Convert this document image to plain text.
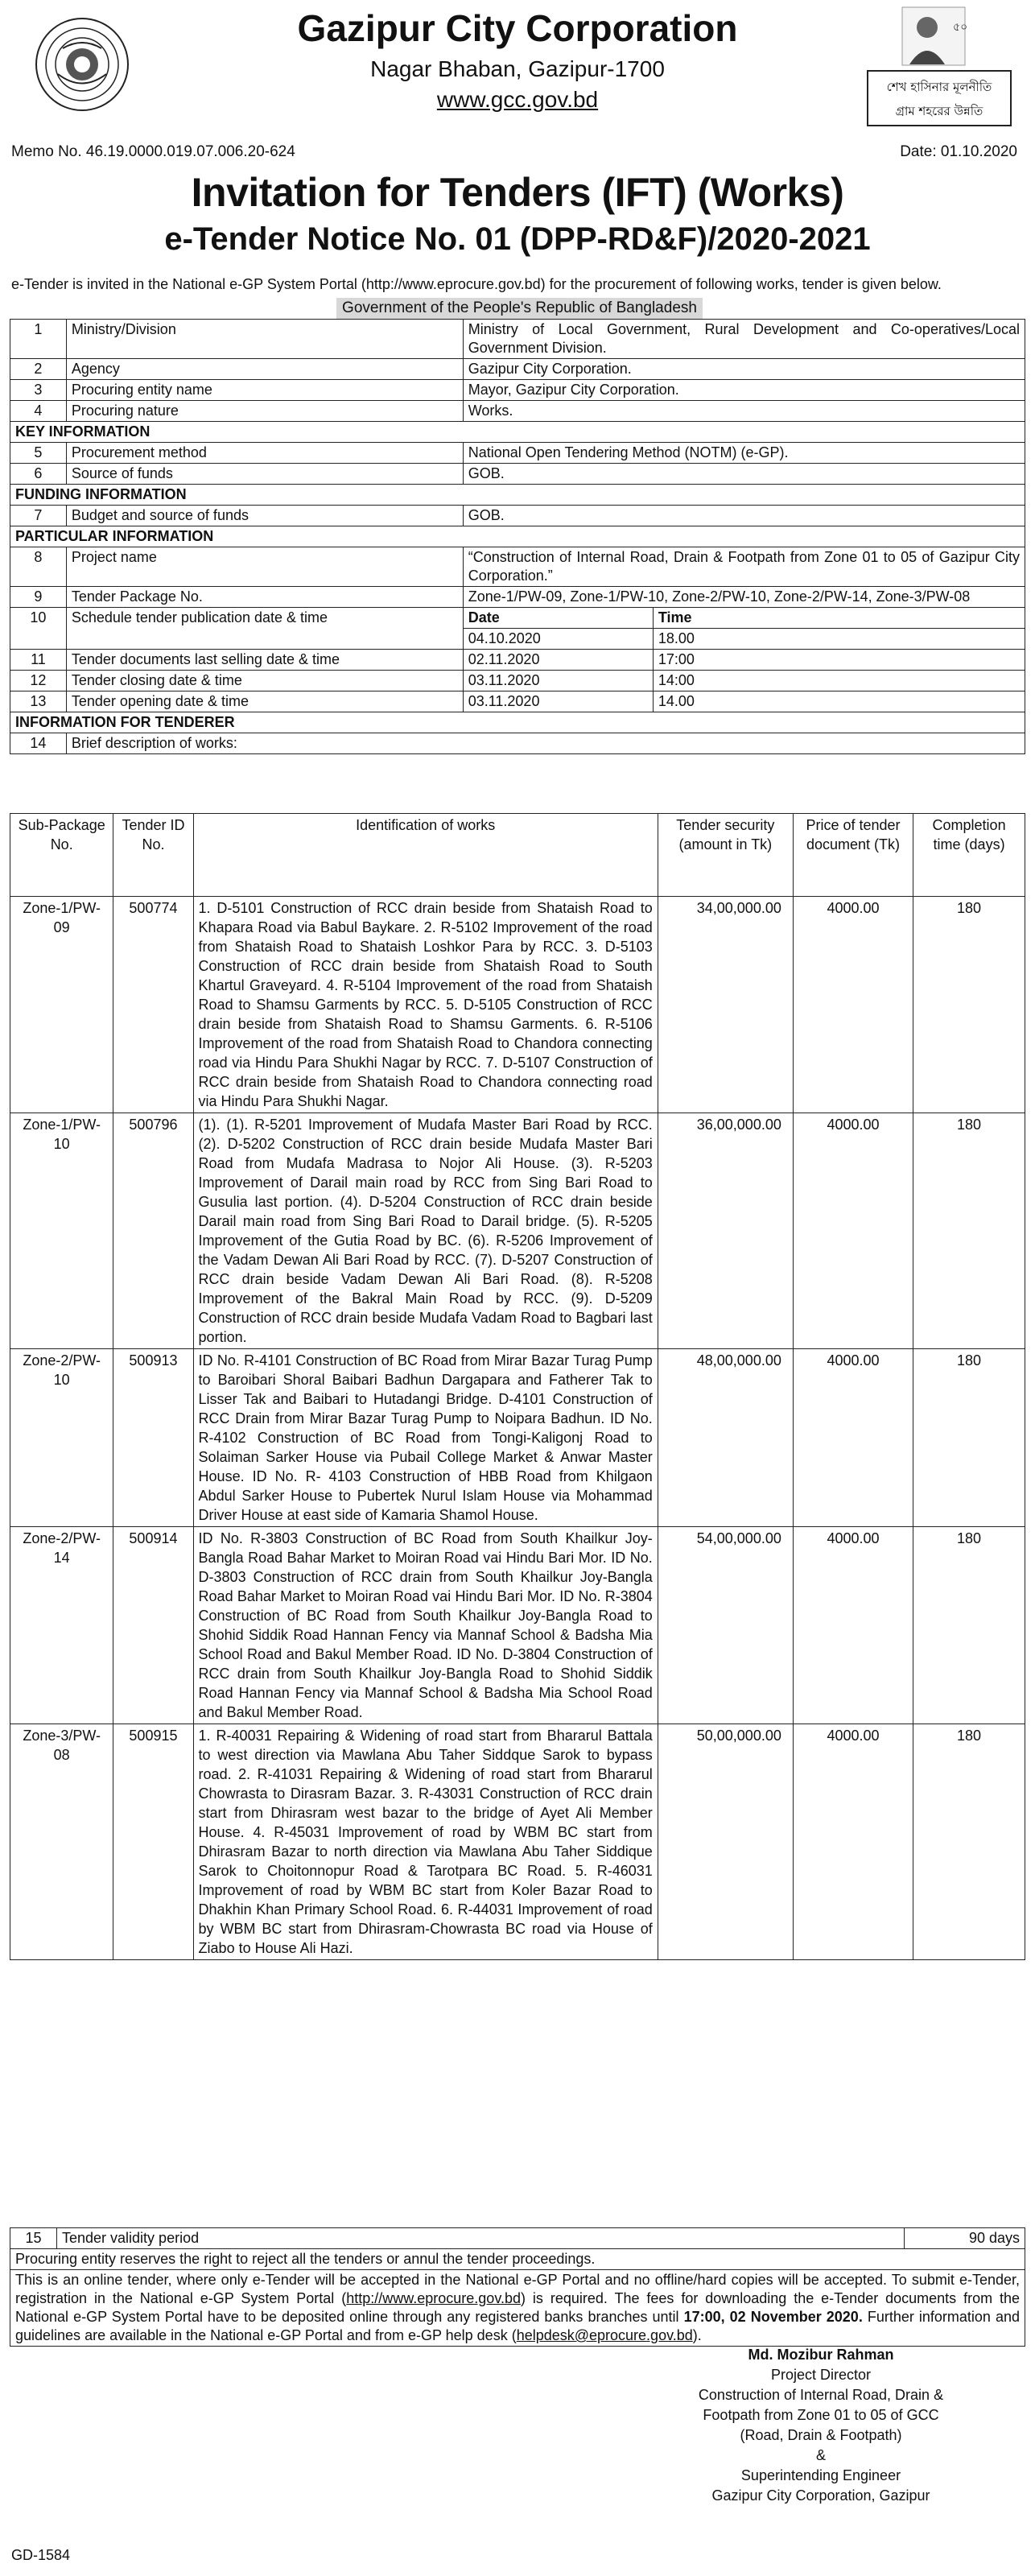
Gazipur City Corporation
Nagar Bhaban, Gazipur-1700
www.gcc.gov.bd
৫০
শেখ হাসিনার মূলনীতি
গ্রাম শহরের উন্নতি
Memo No. 46.19.0000.019.07.006.20-624	Date: 01.10.2020
Invitation for Tenders (IFT) (Works)
e-Tender Notice No. 01 (DPP-RD&F)/2020-2021
e-Tender is invited in the National e-GP System Portal (http://www.eprocure.gov.bd) for the procurement of following works, tender is given below.
Government of the People's Republic of Bangladesh
1	Ministry/Division	Ministry of Local Government, Rural Development and Co-operatives/Local Government Division.	
2	Agency	Gazipur City Corporation.	
3	Procuring entity name	Mayor, Gazipur City Corporation.	
4	Procuring nature	Works.	
KEY INFORMATION			
5	Procurement method	National Open Tendering Method (NOTM) (e-GP).	
6	Source of funds	GOB.	
FUNDING INFORMATION			
7	Budget and source of funds	GOB.	
PARTICULAR INFORMATION			
8	Project name	“Construction of Internal Road, Drain & Footpath from Zone 01 to 05 of Gazipur City Corporation.”	
9	Tender Package No.	Zone-1/PW-09, Zone-1/PW-10, Zone-2/PW-10, Zone-2/PW-14, Zone-3/PW-08	
10	Schedule tender publication date & time	Date	Time
		04.10.2020	18.00
11	Tender documents last selling date & time	02.11.2020	17:00
12	Tender closing date & time	03.11.2020	14:00
13	Tender opening date & time	03.11.2020	14.00
INFORMATION FOR TENDERER			
14	Brief description of works:		
Sub-Package No.	Tender ID No.	Identification of works	Tender security (amount in Tk)	Price of tender document (Tk)	Completion time (days)
Zone-1/PW-09	500774	1. D-5101 Construction of RCC drain beside from Shataish Road to Khapara Road via Babul Baykare. 2. R-5102 Improvement of the road from Shataish Road to Shataish Loshkor Para by RCC. 3. D-5103 Construction of RCC drain beside from Shataish Road to South Khartul Graveyard. 4. R-5104 Improvement of the road from Shataish Road to Shamsu Garments by RCC. 5. D-5105 Construction of RCC drain beside from Shataish Road to Shamsu Garments. 6. R-5106 Improvement of the road from Shataish Road to Chandora connecting road via Hindu Para Shukhi Nagar by RCC. 7. D-5107 Construction of RCC drain beside from Shataish Road to Chandora connecting road via Hindu Para Shukhi Nagar.	34,00,000.00	4000.00	180
Zone-1/PW-10	500796	(1). (1). R-5201 Improvement of Mudafa Master Bari Road by RCC. (2). D-5202 Construction of RCC drain beside Mudafa Master Bari Road from Mudafa Madrasa to Nojor Ali House. (3). R-5203 Improvement of Darail main road by RCC from Sing Bari Road to Gusulia last portion. (4). D-5204 Construction of RCC drain beside Darail main road from Sing Bari Road to Darail bridge. (5). R-5205 Improvement of the Gutia Road by BC. (6). R-5206 Improvement of the Vadam Dewan Ali Bari Road by RCC. (7). D-5207 Construction of RCC drain beside Vadam Dewan Ali Bari Road. (8). R-5208 Improvement of the Bakral Main Road by RCC. (9). D-5209 Construction of RCC drain beside Mudafa Vadam Road to Bagbari last portion.	36,00,000.00	4000.00	180
Zone-2/PW-10	500913	ID No. R-4101 Construction of BC Road from Mirar Bazar Turag Pump to Baroibari Shoral Baibari Badhun Dargapara and Fatherer Tak to Lisser Tak and Baibari to Hutadangi Bridge. D-4101 Construction of RCC Drain from Mirar Bazar Turag Pump to Noipara Badhun. ID No. R-4102 Construction of BC Road from Tongi-Kaligonj Road to Solaiman Sarker House via Pubail College Market & Anwar Master House. ID No. R- 4103 Construction of HBB Road from Khilgaon Abdul Sarker House to Pubertek Nurul Islam House via Mohammad Driver House at east side of Kamaria Shamol House.	48,00,000.00	4000.00	180
Zone-2/PW-14	500914	ID No. R-3803 Construction of BC Road from South Khailkur Joy-Bangla Road Bahar Market to Moiran Road vai Hindu Bari Mor. ID No. D-3803 Construction of RCC drain from South Khailkur Joy-Bangla Road Bahar Market to Moiran Road vai Hindu Bari Mor. ID No. R-3804 Construction of BC Road from South Khailkur Joy-Bangla Road to Shohid Siddik Road Hannan Fency via Mannaf School & Badsha Mia School Road and Bakul Member Road. ID No. D-3804 Construction of RCC drain from South Khailkur Joy-Bangla Road to Shohid Siddik Road Hannan Fency via Mannaf School & Badsha Mia School Road and Bakul Member Road.	54,00,000.00	4000.00	180
Zone-3/PW-08	500915	1. R-40031 Repairing & Widening of road start from Bhararul Battala to west direction via Mawlana Abu Taher Siddque Sarok to bypass road. 2. R-41031 Repairing & Widening of road start from Bhararul Chowrasta to Dirasram Bazar. 3. R-43031 Construction of RCC drain start from Dhirasram west bazar to the bridge of Ayet Ali Member House. 4. R-45031 Improvement of road by WBM BC start from Dhirasram Bazar to north direction via Mawlana Abu Taher Siddique Sarok to Choitonnopur Road & Tarotpara BC Road. 5. R-46031 Improvement of road by WBM BC start from Koler Bazar Road to Dhakhin Khan Primary School Road. 6. R-44031 Improvement of road by WBM BC start from Dhirasram-Chowrasta BC road via House of Ziabo to House Ali Hazi.	50,00,000.00	4000.00	180
15	Tender validity period	90 days
Procuring entity reserves the right to reject all the tenders or annul the tender proceedings.
This is an online tender, where only e-Tender will be accepted in the National e-GP Portal and no offline/hard copies will be accepted. To submit e-Tender, registration in the National e-GP System Portal (http://www.eprocure.gov.bd) is required. The fees for downloading the e-Tender documents from the National e-GP System Portal have to be deposited online through any registered banks branches until 17:00, 02 November 2020. Further information and guidelines are available in the National e-GP Portal and from e-GP help desk (helpdesk@eprocure.gov.bd).
Md. Mozibur Rahman
Project Director
Construction of Internal Road, Drain &
Footpath from Zone 01 to 05 of GCC
(Road, Drain & Footpath)
&
Superintending Engineer
Gazipur City Corporation, Gazipur
GD-1584
